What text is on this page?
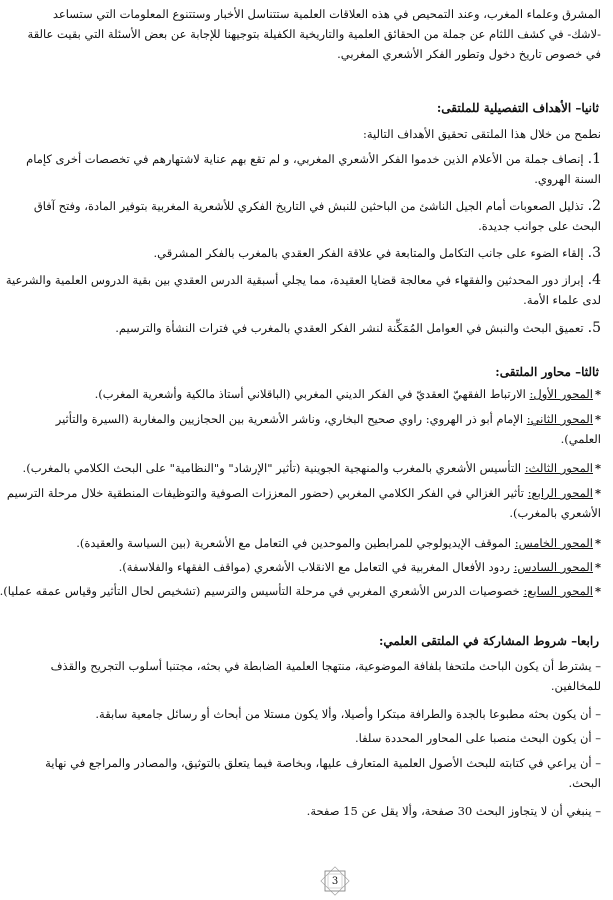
المشرق وعلماء المغرب، وعند التمحيص في هذه العلاقات العلمية ستتناسل الأخبار وستتنوع المعلومات التي ستساعد
-لاشك- في كشف اللثام عن جملة من الحقائق العلمية والتاريخية الكفيلة بتوجيهنا للإجابة عن بعض الأسئلة التي بقيت عالقة
في خصوص تاريخ دخول وتطور الفكر الأشعري المغربي.
ثانيا– الأهداف التفصيلية للملتقى:
نطمح من خلال هذا الملتقى تحقيق الأهداف التالية:
1.إنصاف جملة من الأعلام الذين خدموا الفكر الأشعري المغربي، و لم تقع بهم عناية لاشتهارهم في تخصصات أخرى كإمام
السنة الهروي.
2.تذليل الصعوبات أمام الجيل الناشئ من الباحثين للنبش في التاريخ الفكري للأشعرية المغربية بتوفير المادة، وفتح آفاق
البحث على جوانب جديدة.
3.إلقاء الضوء على جانب التكامل والمتابعة في علاقة الفكر العقدي بالمغرب بالفكر المشرقي.
4.إبراز دور المحدثين والفقهاء في معالجة قضايا العقيدة، مما يجلي أسبقية الدرس العقدي بين بقية الدروس العلمية والشرعية
لدى علماء الأمة.
5.تعميق البحث والنبش في العوامل المُمَكِّنة لنشر الفكر العقدي بالمغرب في فترات النشأة والترسيم.
ثالثا– محاور الملتقى:
*المحور الأول: الارتباط الفقهيّ العقديّ في الفكر الديني المغربي (الباقلاني أستاذ مالكية وأشعرية المغرب).
*المحور الثاني: الإمام أبو ذر الهروي: راوي صحيح البخاري، وناشر الأشعرية بين الحجازيين والمغاربة (السيرة والتأثير
العلمي).
*المحور الثالث: التأسيس الأشعري بالمغرب والمنهجية الجوينية (تأثير "الإرشاد" و"النظامية" على البحث الكلامي بالمغرب).
*المحور الرابع: تأثير الغزالي في الفكر الكلامي المغربي (حضور المعززات الصوفية والتوظيفات المنطقية خلال مرحلة الترسيم
الأشعري بالمغرب).
*المحور الخامس: الموقف الإيديولوجي للمرابطين والموحدين في التعامل مع الأشعرية (بين السياسة والعقيدة).
*المحور السادس: ردود الأفعال المغربية في التعامل مع الانقلاب الأشعري (مواقف الفقهاء والفلاسفة).
*المحور السابع: خصوصيات الدرس الأشعري المغربي في مرحلة التأسيس والترسيم (تشخيص لحال التأثير وقياس عمقه عمليا).
رابعا– شروط المشاركة في الملتقى العلمي:
– يشترط أن يكون الباحث ملتحفا بلفافة الموضوعية، منتهجا العلمية الضابطة في بحثه، مجتنبا أسلوب التجريح والقذف
للمخالفين.
– أن يكون بحثه مطبوعا بالجدة والطرافة مبتكرا وأصيلا، وألا يكون مستلا من أبحاث أو رسائل جامعية سابقة.
– أن يكون البحث منصبا على المحاور المحددة سلفا.
– أن يراعي في كتابته للبحث الأصول العلمية المتعارف عليها، وبخاصة فيما يتعلق بالتوثيق، والمصادر والمراجع في نهاية
البحث.
– ينبغي أن لا يتجاوز البحث 30 صفحة، وألا يقل عن 15 صفحة.
3
